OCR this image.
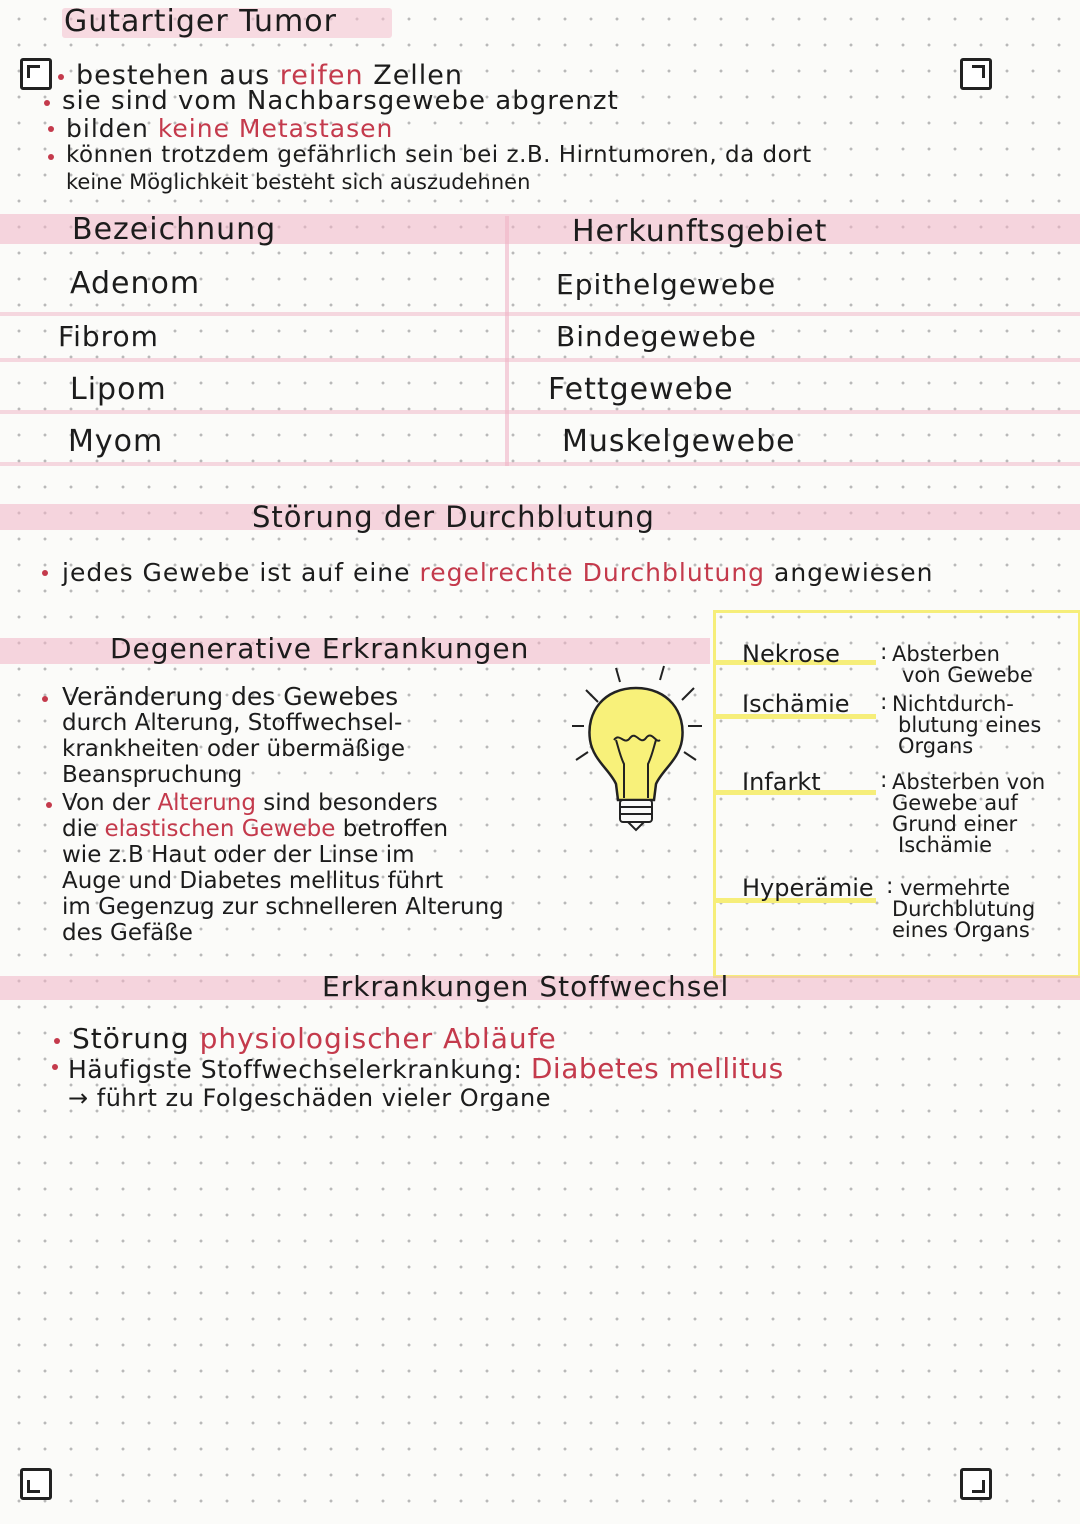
Gutartiger Tumor
bestehen aus reifen Zellen
sie sind vom Nachbarsgewebe abgrenzt
bilden keine Metastasen
können trotzdem gefährlich sein bei z.B. Hirntumoren, da dort
keine Möglichkeit besteht sich auszudehnen
Bezeichnung	Herkunftsgebiet
Adenom	Epithelgewebe
Fibrom	Bindegewebe
Lipom	Fettgewebe
Myom	Muskelgewebe
Störung der Durchblutung
jedes Gewebe ist auf eine regelrechte Durchblutung angewiesen
Degenerative Erkrankungen
Veränderung des Gewebes
durch Alterung, Stoffwechsel-
krankheiten oder übermäßige
Beanspruchung
Von der Alterung sind besonders
die elastischen Gewebe betroffen
wie z.B Haut oder der Linse im
Auge und Diabetes mellitus führt
im Gegenzug zur schnelleren Alterung
des Gefäße
Nekrose : Absterben
von Gewebe
Ischämie : Nichtdurch-
blutung eines
Organs
Infarkt	: Absterben von
Gewebe auf
Grund einer
Ischämie
Hyperämie : vermehrte
Durchblutung
eines Organs
Erkrankungen Stoffwechsel
Störung physiologischer Abläufe
Häufigste Stoffwechselerkrankung: Diabetes mellitus
→ führt zu Folgeschäden vieler Organe
